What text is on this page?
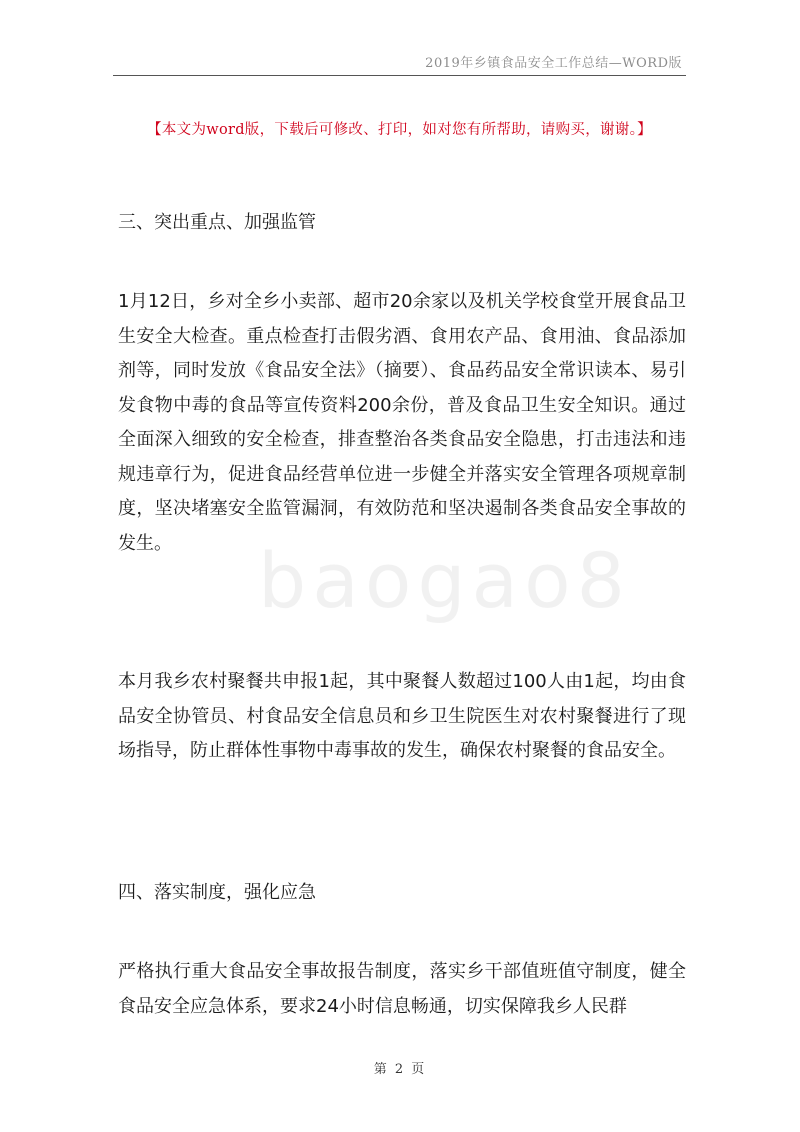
2019年乡镇食品安全工作总结—WORD版
【本文为word版，下载后可修改、打印，如对您有所帮助，请购买，谢谢。】

三、突出重点、加强监管

1月12日，乡对全乡小卖部、超市20余家以及机关学校食堂开展食品卫生安全大检查。重点检查打击假劣酒、食用农产品、食用油、食品添加剂等，同时发放《食品安全法》（摘要）、食品药品安全常识读本、易引发食物中毒的食品等宣传资料200余份，普及食品卫生安全知识。通过全面深入细致的安全检查，排查整治各类食品安全隐患，打击违法和违规违章行为，促进食品经营单位进一步健全并落实安全管理各项规章制度，坚决堵塞安全监管漏洞，有效防范和坚决遏制各类食品安全事故的发生。

本月我乡农村聚餐共申报1起，其中聚餐人数超过100人由1起，均由食品安全协管员、村食品安全信息员和乡卫生院医生对农村聚餐进行了现场指导，防止群体性事物中毒事故的发生，确保农村聚餐的食品安全。

四、落实制度，强化应急

严格执行重大食品安全事故报告制度，落实乡干部值班值守制度，健全食品安全应急体系，要求24小时信息畅通，切实保障我乡人民群

baogao8
第 2 页
